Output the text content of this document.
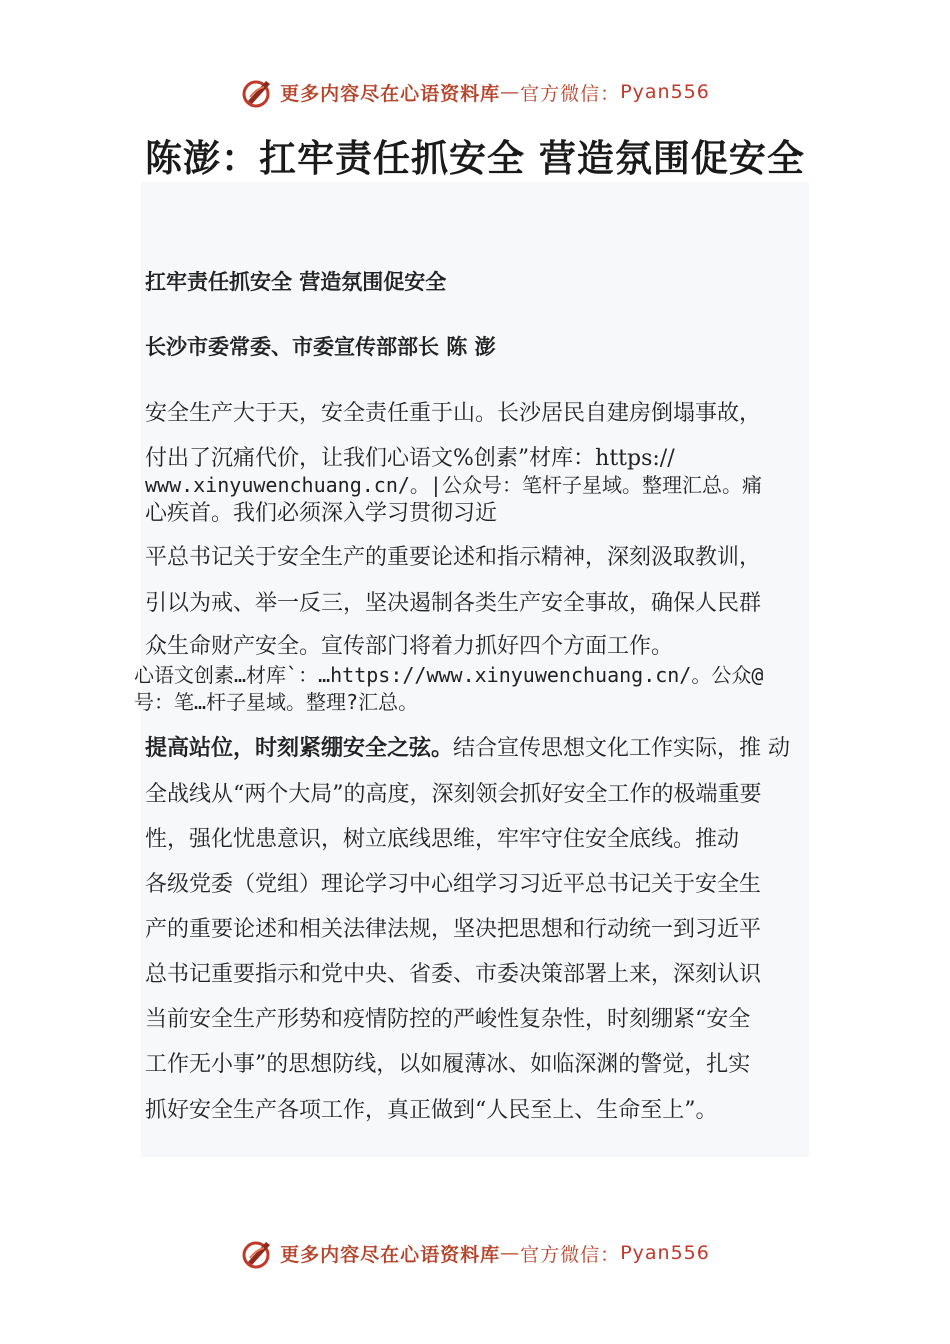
更多内容尽在心语资料库 — 官方微信： Pyan556
陈澎：扛牢责任抓安全 营造氛围促安全

扛牢责任抓安全 营造氛围促安全

长沙市委常委、市委宣传部部长 陈 澎

安全生产大于天，安全责任重于山。长沙居民自建房倒塌事故，

付出了沉痛代价，让我们心语文%创素”材库：https://

www.xinyuwenchuang.cn/。|公众号：笔杆子星域。整理汇总。痛

心疾首。我们必须深入学习贯彻习近

平总书记关于安全生产的重要论述和指示精神，深刻汲取教训，

引以为戒、举一反三，坚决遏制各类生产安全事故，确保人民群

众生命财产安全。宣传部门将着力抓好四个方面工作。

心语文创素…材库`：…https://www.xinyuwenchuang.cn/。公众@

号：笔…杆子星域。整理?汇总。

提高站位，时刻紧绷安全之弦。结合宣传思想文化工作实际，推 动

全战线从“两个大局”的高度，深刻领会抓好安全工作的极端重要

性，强化忧患意识，树立底线思维，牢牢守住安全底线。推动

各级党委（党组）理论学习中心组学习习近平总书记关于安全生

产的重要论述和相关法律法规，坚决把思想和行动统一到习近平

总书记重要指示和党中央、省委、市委决策部署上来，深刻认识

当前安全生产形势和疫情防控的严峻性复杂性，时刻绷紧“安全

工作无小事”的思想防线，以如履薄冰、如临深渊的警觉，扎实

抓好安全生产各项工作，真正做到“人民至上、生命至上”。

更多内容尽在心语资料库 — 官方微信： Pyan556
